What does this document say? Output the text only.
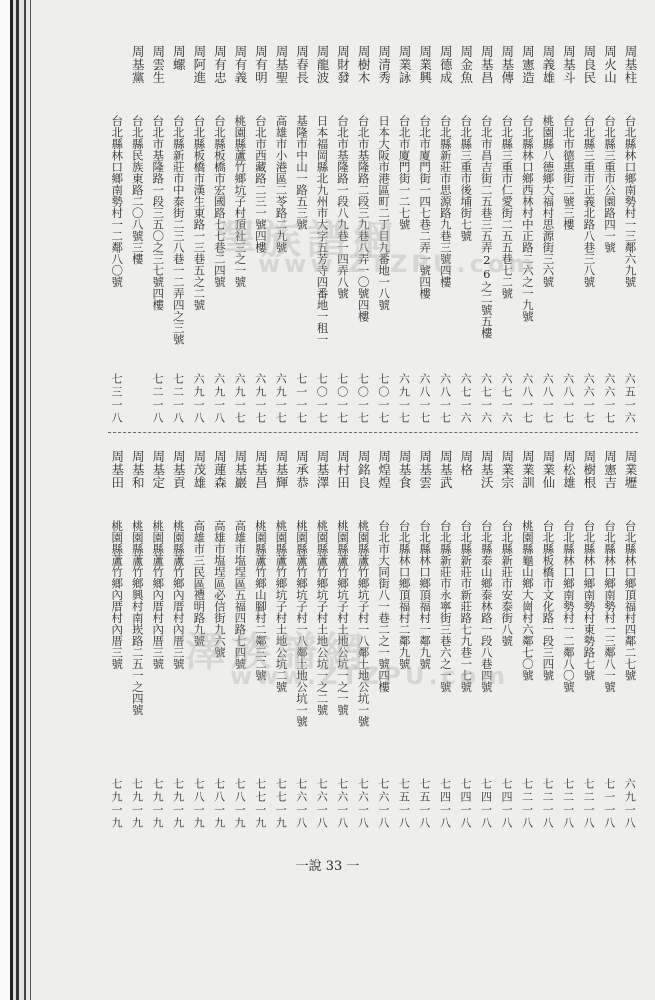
周基柱
台北縣林口鄉南勢村一三鄰六九號
六五一六
周火山
台北縣三重市公園路四一號
六六一七
周良民
台北縣三重市正義北路八巷三八號
六六一七
周基斗
台北市德惠街二號三樓
六八一七
周義雄
桃園縣八德鄉大福村思源街三六號
六八一七
周憲造
台北縣林口鄉西林村中正路二六之一九號
六八一七
周基傳
台北縣三重市仁愛街二五五巷七二號
六七一六
周基昌
台北市昌吉街二五巷三五弄26之二號五樓
六七一六
周金魚
台北縣三重市後埔街七號
六七一六
周德成
台北縣新莊市思源路九巷三號四樓
六八一七
周業興
台北市廈門街一四七巷二弄一號四樓
六八一七
周業詠
台北市廈門街一二七號
六九一七
周清秀
日本大阪市港區町二丁目九番地一八號
七〇一七
周樹木
台北市基隆路二段三九巷八弄一〇號四樓
七〇一七
周財發
台北市基隆路一段八九巷一四弄八號
七〇一七
周龍波
日本福岡縣北九州市大字五芳寺四番地一租一
七〇一七
周春長
基隆市中山一路五三號
七一一七
周基聖
高雄市小港區二苓路二九號
六九一七
周有明
台北市西藏路二三一號四樓
六九一七
周有義
桃園縣蘆竹鄉坑子村頂社三之一號
六九一七
周有忠
台北縣板橋市宏國路七七巷二四號
六九一八
周阿進
台北縣板橋市漢生東路一三巷五之二號
六九一八
周螺
台北縣新莊市中泰街二三八巷一二弄四之三號
七二一八
周雲生
台北市基隆路一段三五〇之三七號四樓
七二一八
周基黨
台北縣民族東路二〇八號三樓
台北縣林口鄉南勢村一二鄰八〇號
七三一八
周業壢
台北縣林口鄉頂福村四鄰二七號
六九一八
周憲吉
台北縣林口鄉南勢村一三鄰八一號
七一一八
周樹根
台北縣林口鄉南勢村東勢路七號
七二一八
周松雄
台北縣林口鄉南勢村一二鄰八〇號
七二一八
周業仙
台北縣板橋市文化路一段三四號
七二一八
周業訓
桃園縣龜山鄉大崗村六鄰七〇號
七二一八
周業宗
台北縣新莊市安泰街八號
七四一八
周基沃
台北縣泰山鄉泰林路一段八巷四號
七四一八
周格
台北縣新莊市新莊路七九巷一七號
七四一八
周基武
台北縣新莊市永寧街三巷六之一號
七四一八
周基雲
台北縣林口鄉頂福村一鄰九號
七五一八
周基食
台北縣林口鄉頂福村二鄰九號
七五一八
周煌煌
台北市大同街八一巷二之一號四樓
七六一八
周銘良
桃園縣蘆竹鄉坑子村一八鄰土地公坑一號
七六一八
周村田
桃園縣蘆竹鄉坑子村土地公坑一之一號
七六一八
周基澤
桃園縣蘆竹鄉坑子村土地公坑一之二號
七六一八
周承恭
桃園縣蘆竹鄉坑子村一八鄰土地公坑一號
七六一八
周基輝
桃園縣蘆竹鄉坑子村土地公坑二號
七七一九
周基昌
桃園縣蘆竹鄉山腳村二鄰三二號
七七一九
周基巖
高雄市塩埕區五福四路七四號
七八一九
周蓮森
高雄市塩埕區必信街九六號
七八一九
周茂雄
高雄市三民區禮明路九號
七八一九
周基貢
桃園縣蘆竹鄉內厝村內厝三號
七九一九
周基定
桃園縣蘆竹鄉內厝村內厝三號
七九一九
周基和
桃園縣蘆竹鄉興村南崁路二五一之四號
七九一九
周基田
桃園縣蘆竹鄉內厝村內厝三號
七九一九
澤族譜網
www.ZTZPU.com
澤族譜網
www.ZTZPU.com
一說 33 一
